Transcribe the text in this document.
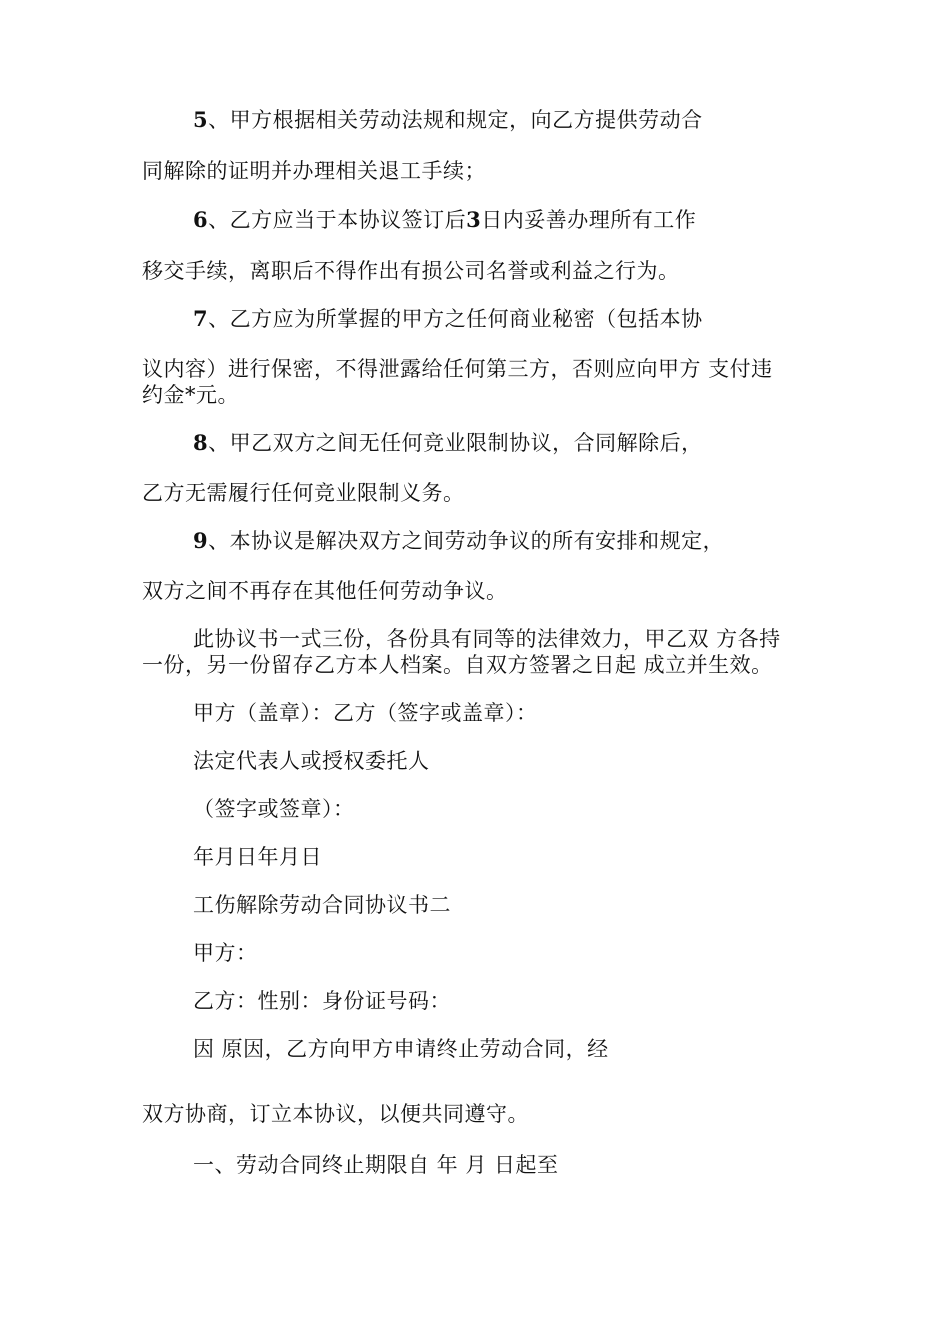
5、甲方根据相关劳动法规和规定，向乙方提供劳动合
同解除的证明并办理相关退工手续；
6、乙方应当于本协议签订后3日内妥善办理所有工作
移交手续，离职后不得作出有损公司名誉或利益之行为。
7、乙方应为所掌握的甲方之任何商业秘密（包括本协
议内容）进行保密，不得泄露给任何第三方，否则应向甲方 支付违
约金*元。
8、甲乙双方之间无任何竞业限制协议，合同解除后，
乙方无需履行任何竞业限制义务。
9、本协议是解决双方之间劳动争议的所有安排和规定，
双方之间不再存在其他任何劳动争议。
此协议书一式三份，各份具有同等的法律效力，甲乙双 方各持
一份，另一份留存乙方本人档案。自双方签署之日起 成立并生效。
甲方（盖章）：乙方（签字或盖章）：
法定代表人或授权委托人
（签字或签章）：
年月日年月日
工伤解除劳动合同协议书二
甲方：
乙方：性别：身份证号码：
因 原因，乙方向甲方申请终止劳动合同，经
双方协商，订立本协议，以便共同遵守。
一、劳动合同终止期限自 年 月 日起至
